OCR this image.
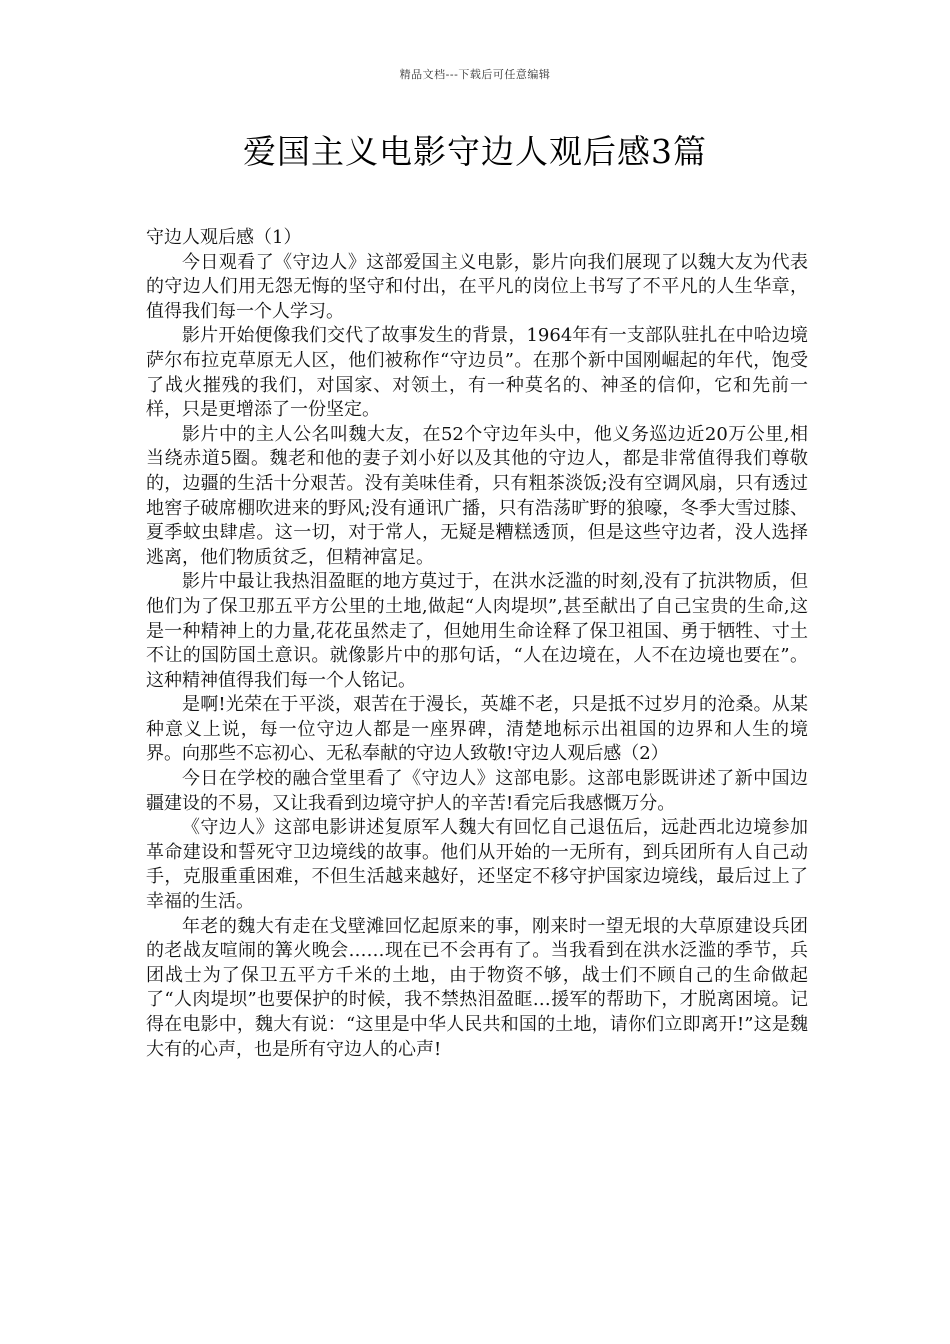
精品文档---下载后可任意编辑
爱国主义电影守边人观后感3篇

守边人观后感（1）

今日观看了《守边人》这部爱国主义电影，影片向我们展现了以魏大友为代表的守边人们用无怨无悔的坚守和付出，在平凡的岗位上书写了不平凡的人生华章，值得我们每一个人学习。

影片开始便像我们交代了故事发生的背景，1964年有一支部队驻扎在中哈边境萨尔布拉克草原无人区，他们被称作“守边员”。在那个新中国刚崛起的年代，饱受了战火摧残的我们，对国家、对领土，有一种莫名的、神圣的信仰，它和先前一样，只是更增添了一份坚定。

影片中的主人公名叫魏大友，在52个守边年头中，他义务巡边近20万公里,相当绕赤道5圈。魏老和他的妻子刘小好以及其他的守边人，都是非常值得我们尊敬的，边疆的生活十分艰苦。没有美味佳肴，只有粗茶淡饭;没有空调风扇，只有透过地窖子破席棚吹进来的野风;没有通讯广播，只有浩荡旷野的狼嚎，冬季大雪过膝、夏季蚊虫肆虐。这一切，对于常人，无疑是糟糕透顶，但是这些守边者，没人选择逃离，他们物质贫乏，但精神富足。

影片中最让我热泪盈眶的地方莫过于，在洪水泛滥的时刻,没有了抗洪物质，但他们为了保卫那五平方公里的土地,做起“人肉堤坝”,甚至献出了自己宝贵的生命,这是一种精神上的力量,花花虽然走了，但她用生命诠释了保卫祖国、勇于牺牲、寸土不让的国防国土意识。就像影片中的那句话，“人在边境在，人不在边境也要在”。这种精神值得我们每一个人铭记。

是啊!光荣在于平淡，艰苦在于漫长，英雄不老，只是抵不过岁月的沧桑。从某种意义上说，每一位守边人都是一座界碑，清楚地标示出祖国的边界和人生的境界。向那些不忘初心、无私奉献的守边人致敬!守边人观后感（2）

今日在学校的融合堂里看了《守边人》这部电影。这部电影既讲述了新中国边疆建设的不易，又让我看到边境守护人的辛苦!看完后我感慨万分。

《守边人》这部电影讲述复原军人魏大有回忆自己退伍后，远赴西北边境参加革命建设和誓死守卫边境线的故事。他们从开始的一无所有，到兵团所有人自己动手，克服重重困难，不但生活越来越好，还坚定不移守护国家边境线，最后过上了幸福的生活。

年老的魏大有走在戈壁滩回忆起原来的事，刚来时一望无垠的大草原建设兵团的老战友喧闹的篝火晚会……现在已不会再有了。当我看到在洪水泛滥的季节，兵团战士为了保卫五平方千米的土地，由于物资不够，战士们不顾自己的生命做起了“人肉堤坝”也要保护的时候，我不禁热泪盈眶…援军的帮助下，才脱离困境。记得在电影中，魏大有说：“这里是中华人民共和国的土地，请你们立即离开!”这是魏大有的心声，也是所有守边人的心声!
